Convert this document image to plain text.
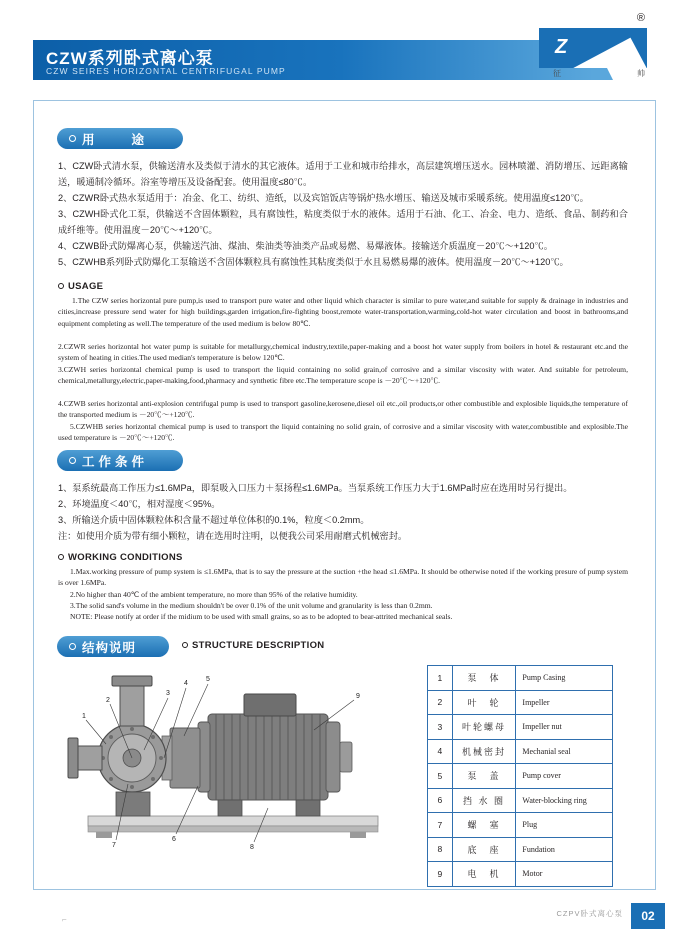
CZW系列卧式离心泵
CZW SEIRES HORIZONTAL CENTRIFUGAL PUMP
Z
®
征	帅
用　　途
1、CZW卧式清水泵，供输送清水及类似于清水的其它液体。适用于工业和城市给排水，高层建筑增压送水。园林喷灌、消防增压、远距离输送，暖通制冷循环。浴室等增压及设备配套。使用温度≤80℃。
2、CZWR卧式热水泵适用于：冶金、化工、纺织、造纸，以及宾馆饭店等锅炉热水增压、输送及城市采暖系统。使用温度≤120℃。
3、CZWH卧式化工泵，供输送不含固体颗粒，具有腐蚀性，粘度类似于水的液体。适用于石油、化工、冶金、电力、造纸、食品、制药和合成纤维等。使用温度－20℃～+120℃。
4、CZWB卧式防爆离心泵，供输送汽油、煤油、柴油类等油类产品或易燃、易爆液体。接输送介质温度－20℃～+120℃。
5、CZWHB系列卧式防爆化工泵输送不含固体颗粒具有腐蚀性其粘度类似于水且易燃易爆的液体。使用温度－20℃～+120℃。
USAGE
1.The CZW series horizontal pure pump,is used to transport pure water and other liquid which character is similar to pure water,and suitable for supply & drainage in industries and cities,increase pressure send water for high buildings,garden irrigation,fire-fighting boost,remote water-transportation,warming,cold-hot water circulation and boost in bathrooms,and equipment completing as well.The temperature of the used medium is below 80℃.
2.CZWR series horizontal hot water pump is suitable for metallurgy,chemical industry,textile,paper-making and a boost hot water supply from boilers in hotel & restaurant etc.and the system of heating in cities.The used median's temperature is below 120℃.
3.CZWH series horizontal chemical pump is used to transport the liquid containing no solid grain,of corrosive and a similar viscosity with water. And suitable for petroleum, chemical,metallurgy,electric,paper-making,food,pharmacy and synthetic fibre etc.The temperature scope is －20℃～+120℃.
4.CZWB series horizontal anti-explosion centrifugal pump is used to transport gasoline,kerosene,diesel oil etc.,oil products,or other combustible and explosible liquids,the temperature of the transported medium is －20℃～+120℃.
5.CZWHB series horizontal chemical pump is used to transport the liquid containing no solid grain, of corrosive and a similar viscosity with water,combustible and explosible.The used temperature is －20℃～+120℃.
工作条件
1、泵系统最高工作压力≤1.6MPa，即泵吸入口压力＋泵扬程≤1.6MPa。当泵系统工作压力大于1.6MPa时应在选用时另行提出。
2、环境温度＜40℃，相对湿度＜95%。
3、所输送介质中固体颗粒体积含量不超过单位体积的0.1%，粒度＜0.2mm。
注：如使用介质为带有细小颗粒，请在选用时注明，以便我公司采用耐磨式机械密封。
WORKING CONDITIONS
1.Max.working pressure of pump system is ≤1.6MPa, that is to say the pressure at the suction +the head ≤1.6MPa. It should be otherwise noted if the working presure of pump system is over 1.6MPa.
2.No higher than 40℃ of the ambient temperature, no more than 95% of the relative humidity.
3.The solid sand's volume in the medium shouldn't be over 0.1% of the unit volume and granularity is less than 0.2mm.
NOTE: Please notify at order if the midium to be used with small grains, so as to be adopted to bear-attrited mechanical seals.
结构说明	STRUCTURE DESCRIPTION
1
2
3
4
5
6
7	8
9
1	泵　体	Pump Casing
2	叶　轮	Impeller
3	叶轮螺母	Impeller nut
4	机械密封	Mechanial seal
5	泵　盖	Pump cover
6	挡 水 圈	Water-blocking ring
7	螺　塞	Plug
8	底　座	Fundation
9	电　机	Motor
⌐
CZPV卧式离心泵	02
